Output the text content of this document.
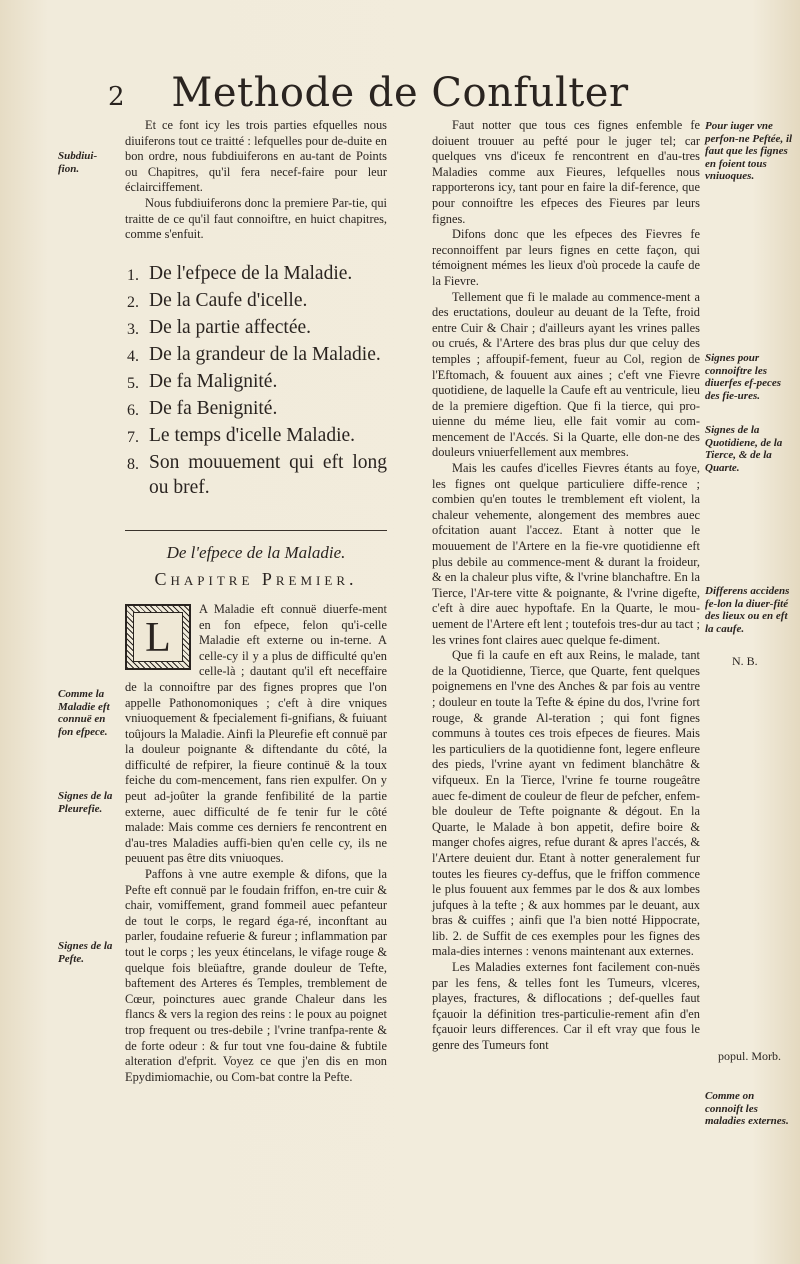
2	Methode de Confulter

Et ce font icy les trois parties efquelles nous diuiferons tout ce traitté : lefquelles pour de-duite en bon ordre, nous fubdiuiferons en au-tant de Points ou Chapitres, qu'il fera necef-faire pour leur éclairciffement.

Nous fubdiuiferons donc la premiere Par-tie, qui traitte de ce qu'il faut connoiftre, en huict chapitres, comme s'enfuit.

1. De l'efpece de la Maladie.
2. De la Caufe d'icelle.
3. De la partie affectée.
4. De la grandeur de la Maladie.
5. De fa Malignité.
6. De fa Benignité.
7. Le temps d'icelle Maladie.
8. Son mouuement qui eft long ou bref.
De l'efpece de la Maladie.
Chapitre Premier.
L

A Maladie eft connuë diuerfe-ment en fon efpece, felon qu'i-celle Maladie eft externe ou in-terne. A celle-cy il y a plus de difficulté qu'en celle-là ; dautant qu'il eft neceffaire de la connoiftre par des fignes propres que l'on appelle Pathonomoniques ; c'eft à dire vniques vniuoquement & fpecialement fi-gnifians, & fuiuant toûjours la Maladie. Ainfi la Pleurefie eft connuë par la douleur poignante & diftendante du côté, la difficulté de refpirer, la fieure continuë & la toux feiche du com-mencement, fans rien expulfer. On y peut ad-joûter la grande fenfibilité de la partie externe, auec difficulté de fe tenir fur le côté malade: Mais comme ces derniers fe rencontrent en d'au-tres Maladies auffi-bien qu'en celle cy, ils ne peuuent pas être dits vniuoques.

Paffons à vne autre exemple & difons, que la Pefte eft connuë par le foudain friffon, en-tre cuir & chair, vomiffement, grand fommeil auec pefanteur de tout le corps, le regard éga-ré, inconftant au parler, foudaine refuerie & fureur ; inflammation par tout le corps ; les yeux étincelans, le vifage rouge & quelque fois bleüaftre, grande douleur de Tefte, baftement des Arteres és Temples, tremblement de Cœur, poinctures auec grande Chaleur dans les flancs & vers la region des reins : le poux au poignet trop frequent ou tres-debile ; l'vrine tranfpa-rente & de forte odeur : & fur tout vne fou-daine & fubtile alteration d'efprit. Voyez ce que j'en dis en mon Epydimiomachie, ou Com-bat contre la Pefte.

Subdiui-fion.
Comme la Maladie eft connuë en fon efpece.
Signes de la Pleurefie.
Signes de la Pefte.

Faut notter que tous ces fignes enfemble fe doiuent trouuer au pefté pour le juger tel; car quelques vns d'iceux fe rencontrent en d'au-tres Maladies comme aux Fieures, lefquelles nous rapporterons icy, tant pour en faire la dif-ference, que pour connoiftre les efpeces des Fieures par leurs fignes.

Difons donc que les efpeces des Fievres fe reconnoiffent par leurs fignes en cette façon, qui témoignent mémes les lieux d'où procede la caufe de la Fievre.

Tellement que fi le malade au commence-ment a des eructations, douleur au deuant de la Tefte, froid entre Cuir & Chair ; d'ailleurs ayant les vrines palles ou crués, & l'Artere des bras plus dur que celuy des temples ; affoupif-fement, fueur au Col, region de l'Eftomach, & fouuent aux aines ; c'eft vne Fievre quotidiene, de laquelle la Caufe eft au ventricule, lieu de la premiere digeftion. Que fi la tierce, qui pro-uienne du méme lieu, elle fait vomir au com-mencement de l'Accés. Si la Quarte, elle don-ne des douleurs vniuerfellement aux membres.

Mais les caufes d'icelles Fievres étants au foye, les fignes ont quelque particuliere diffe-rence ; combien qu'en toutes le tremblement eft violent, la chaleur vehemente, alongement des membres auec ofcitation auant l'accez. Etant à notter que le mouuement de l'Artere en la fie-vre quotidienne eft plus debile au commence-ment & durant la froideur, & en la chaleur plus vifte, & l'vrine blanchaftre. En la Tierce, l'Ar-tere vitte & poignante, & l'vrine digefte, c'eft à dire auec hypoftafe. En la Quarte, le mou-uement de l'Artere eft lent ; toutefois tres-dur au tact ; les vrines font claires auec quelque fe-diment.

Que fi la caufe en eft aux Reins, le malade, tant de la Quotidienne, Tierce, que Quarte, fent quelques poignemens en l'vne des Anches & par fois au ventre ; douleur en toute la Tefte & épine du dos, l'vrine fort rouge, & grande Al-teration ; qui font fignes communs à toutes ces trois efpeces de fieures. Mais les particuliers de la quotidienne font, legere enfleure des pieds, l'vrine ayant vn fediment blanchâtre & vifqueux. En la Tierce, l'vrine fe tourne rougeâtre auec fe-diment de couleur de fleur de pefcher, enfem-ble douleur de Tefte poignante & dégout. En la Quarte, le Malade à bon appetit, defire boire & manger chofes aigres, refue durant & apres l'accés, & l'Artere deuient dur. Etant à notter generalement fur toutes les fieures cy-deffus, que le friffon commence le plus fouuent aux femmes par le dos & aux lombes jufques à la tefte ; & aux hommes par le deuant, aux bras & cuiffes ; ainfi que l'a bien notté Hippocrate, lib. 2. de Suffit de ces exemples pour les fignes des mala-dies internes : venons maintenant aux externes.

Les Maladies externes font facilement con-nuës par les fens, & telles font les Tumeurs, vlceres, playes, fractures, & diflocations ; def-quelles faut fçauoir la définition tres-particulie-rement afin d'en fçauoir leurs differences. Car il eft vray que fous le genre des Tumeurs font

Pour iuger vne perfon-ne Peftée, il faut que les fignes en foient tous vniuoques.
Signes pour connoiftre les diuerfes ef-peces des fie-ures.
Signes de la Quotidiene, de la Tierce, & de la Quarte.
Differens accidens fe-lon la diuer-fité des lieux ou en eft la caufe.
N. B.
popul. Morb.
Comme on connoift les maladies externes.
